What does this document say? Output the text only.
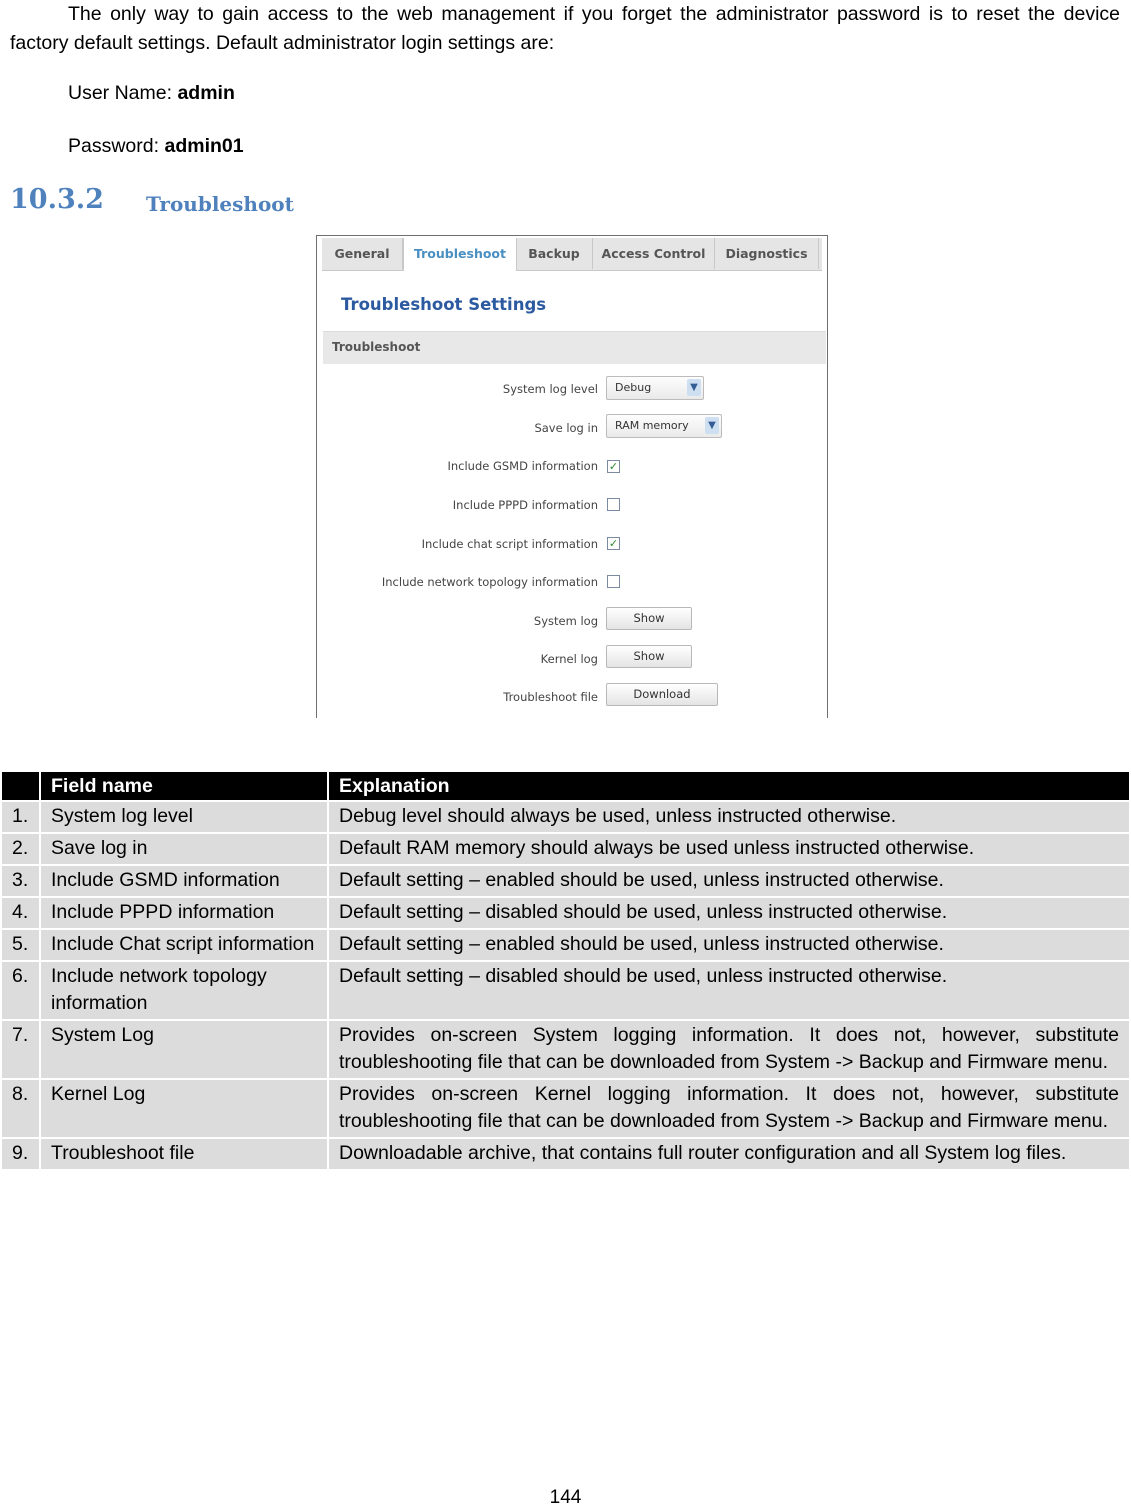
The only way to gain access to the web management if you forget the administrator password is to reset the device factory default settings. Default administrator login settings are:

User Name: admin
Password: admin01
10.3.2 Troubleshoot
General	Troubleshoot	Backup	Access Control	Diagnostics
Troubleshoot Settings
Troubleshoot
System log level	Debug	▼
Save log in	RAM memory	▼
Include GSMD information ✓
Include PPPD information
Include chat script information ✓
Include network topology information
System log	Show
Kernel log	Show
Troubleshoot file	Download
	Field name	Explanation
1.	System log level	Debug level should always be used, unless instructed otherwise.
2.	Save log in	Default RAM memory should always be used unless instructed otherwise.
3.	Include GSMD information	Default setting – enabled should be used, unless instructed otherwise.
4.	Include PPPD information	Default setting – disabled should be used, unless instructed otherwise.
5.	Include Chat script information	Default setting – enabled should be used, unless instructed otherwise.
6.	Include network topology information	Default setting – disabled should be used, unless instructed otherwise.
7.	System Log	Provides on-screen System logging information. It does not, however, substitute troubleshooting file that can be downloaded from System -> Backup and Firmware menu.
8.	Kernel Log	Provides on-screen Kernel logging information. It does not, however, substitute troubleshooting file that can be downloaded from System -> Backup and Firmware menu.
9.	Troubleshoot file	Downloadable archive, that contains full router configuration and all System log files.
144
